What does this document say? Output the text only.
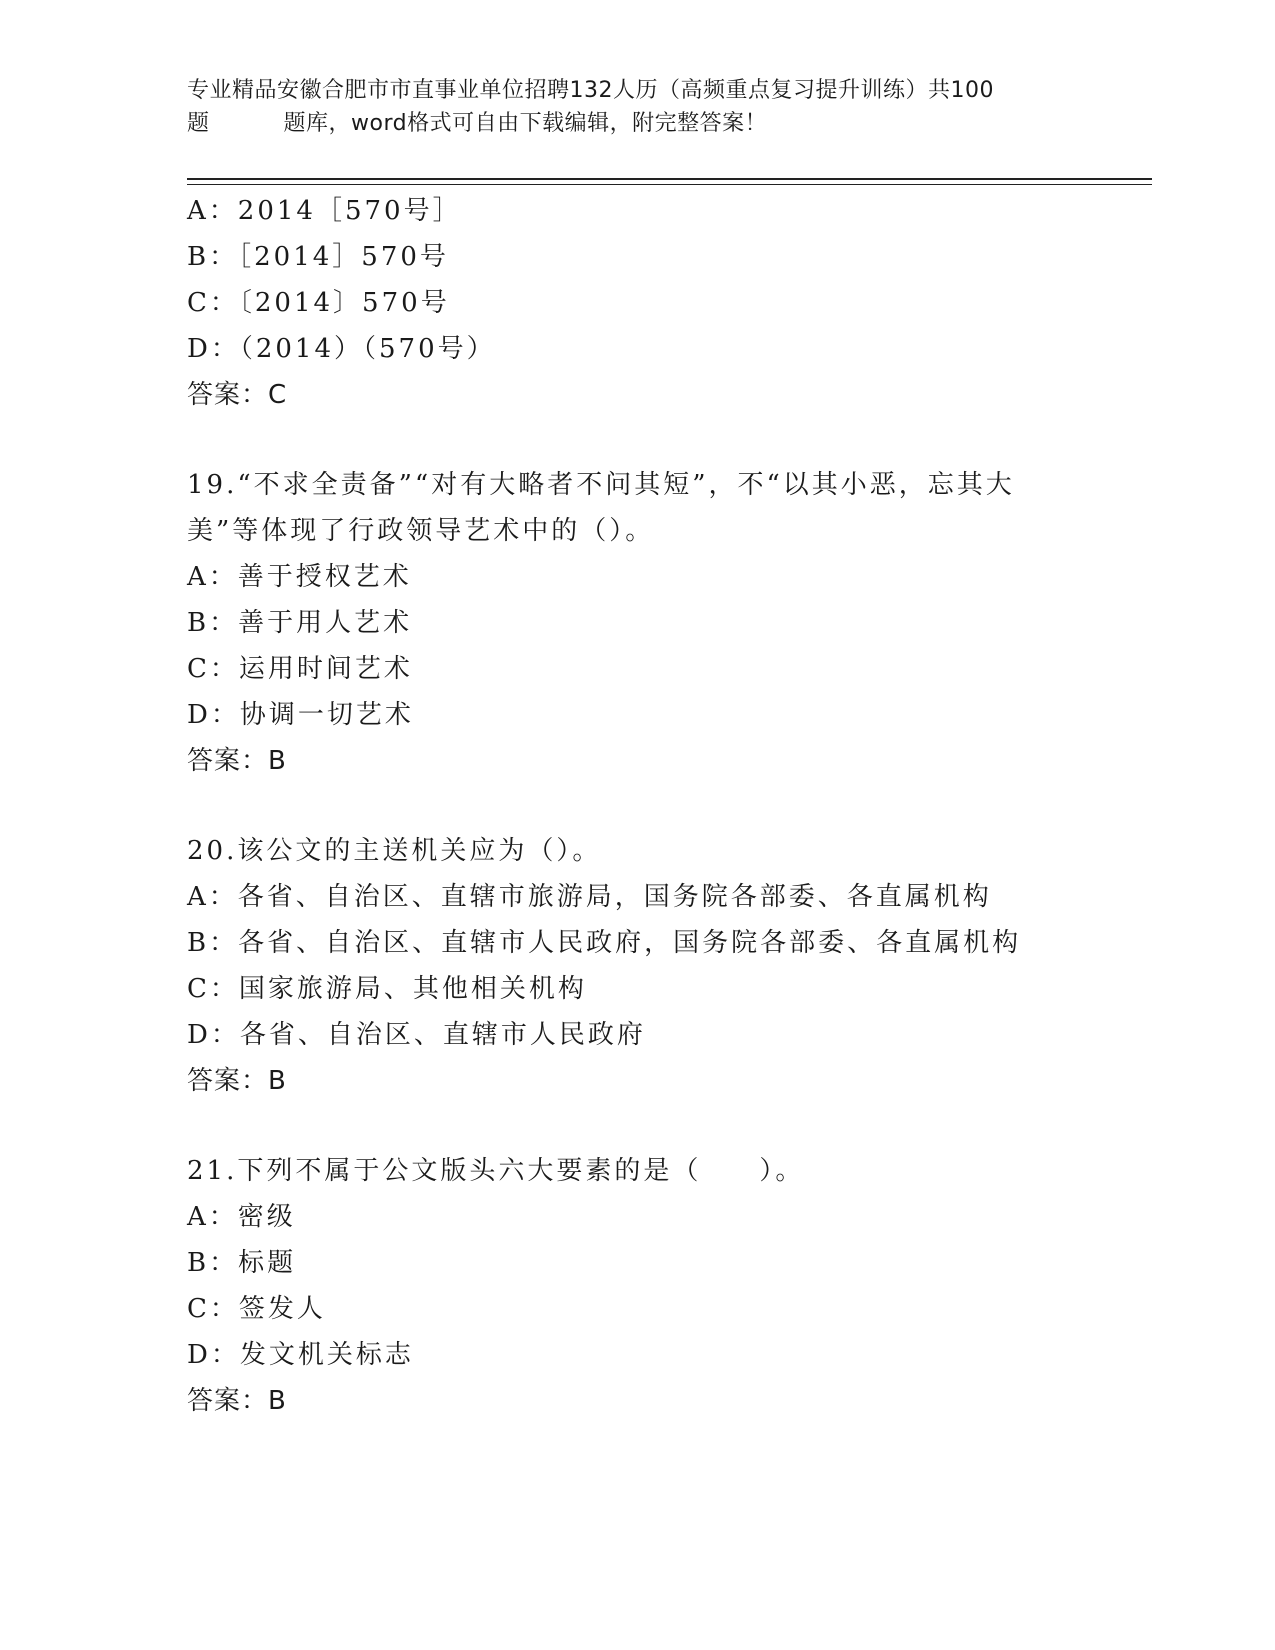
专业精品安徽合肥市市直事业单位招聘132人历（高频重点复习提升训练）共100
题	题库，word格式可自由下载编辑，附完整答案！
A：2014［570号］
B：［2014］570号
C：〔2014〕570号
D：（2014）（570号）
答案：C
19.“不求全责备”“对有大略者不问其短”，不“以其小恶，忘其大
美”等体现了行政领导艺术中的（）。
A：善于授权艺术
B：善于用人艺术
C：运用时间艺术
D：协调一切艺术
答案：B
20.该公文的主送机关应为（）。
A：各省、自治区、直辖市旅游局，国务院各部委、各直属机构
B：各省、自治区、直辖市人民政府，国务院各部委、各直属机构
C：国家旅游局、其他相关机构
D：各省、自治区、直辖市人民政府
答案：B
21.下列不属于公文版头六大要素的是（　　）。
A：密级
B：标题
C：签发人
D：发文机关标志
答案：B
